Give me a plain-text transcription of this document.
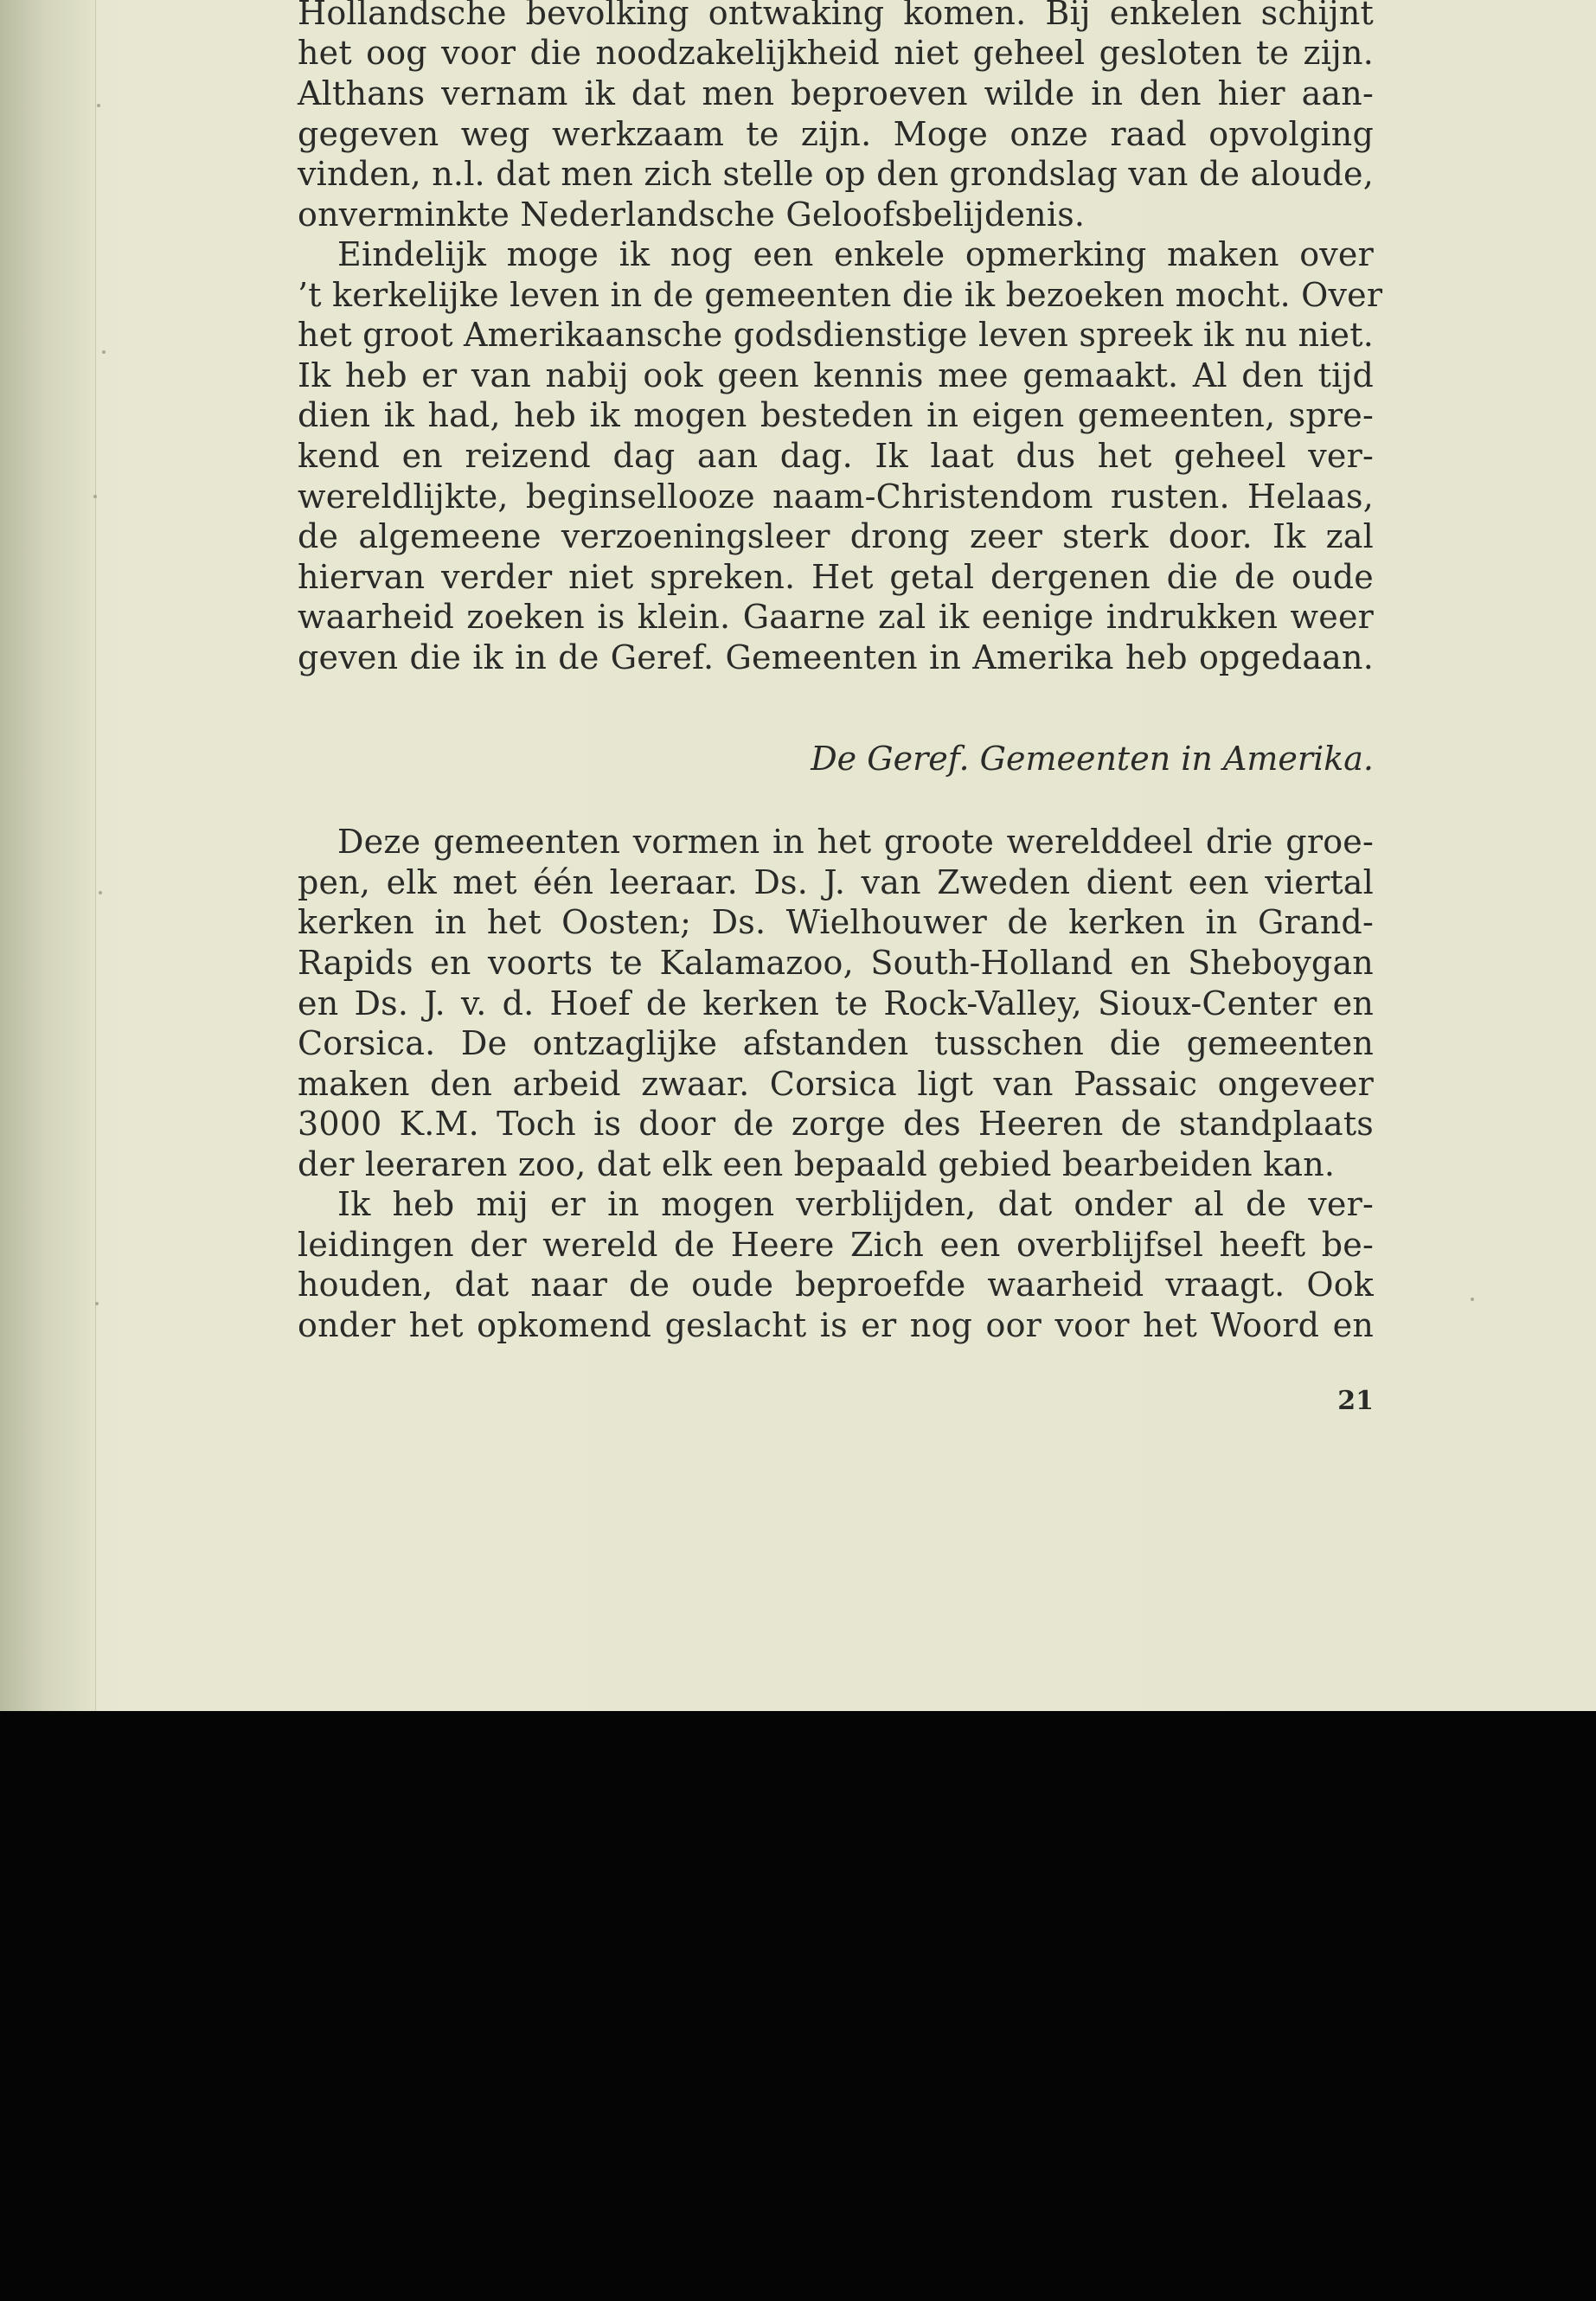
Hollandsche bevolking ontwaking komen. Bij enkelen schijnt
het oog voor die noodzakelijkheid niet geheel gesloten te zijn.
Althans vernam ik dat men beproeven wilde in den hier aan-
gegeven weg werkzaam te zijn. Moge onze raad opvolging
vinden, n.l. dat men zich stelle op den grondslag van de aloude,
onverminkte Nederlandsche Geloofsbelijdenis.
Eindelijk moge ik nog een enkele opmerking maken over
’t kerkelijke leven in de gemeenten die ik bezoeken mocht. Over
het groot Amerikaansche godsdienstige leven spreek ik nu niet.
Ik heb er van nabij ook geen kennis mee gemaakt. Al den tijd
dien ik had, heb ik mogen besteden in eigen gemeenten, spre-
kend en reizend dag aan dag. Ik laat dus het geheel ver-
wereldlijkte, beginsellooze naam-Christendom rusten. Helaas,
de algemeene verzoeningsleer drong zeer sterk door. Ik zal
hiervan verder niet spreken. Het getal dergenen die de oude
waarheid zoeken is klein. Gaarne zal ik eenige indrukken weer
geven die ik in de Geref. Gemeenten in Amerika heb opgedaan.
De Geref. Gemeenten in Amerika.
Deze gemeenten vormen in het groote werelddeel drie groe-
pen, elk met één leeraar. Ds. J. van Zweden dient een viertal
kerken in het Oosten; Ds. Wielhouwer de kerken in Grand-
Rapids en voorts te Kalamazoo, South-Holland en Sheboygan
en Ds. J. v. d. Hoef de kerken te Rock-Valley, Sioux-Center en
Corsica. De ontzaglijke afstanden tusschen die gemeenten
maken den arbeid zwaar. Corsica ligt van Passaic ongeveer
3000 K.M. Toch is door de zorge des Heeren de standplaats
der leeraren zoo, dat elk een bepaald gebied bearbeiden kan.
Ik heb mij er in mogen verblijden, dat onder al de ver-
leidingen der wereld de Heere Zich een overblijfsel heeft be-
houden, dat naar de oude beproefde waarheid vraagt. Ook
onder het opkomend geslacht is er nog oor voor het Woord en
21
